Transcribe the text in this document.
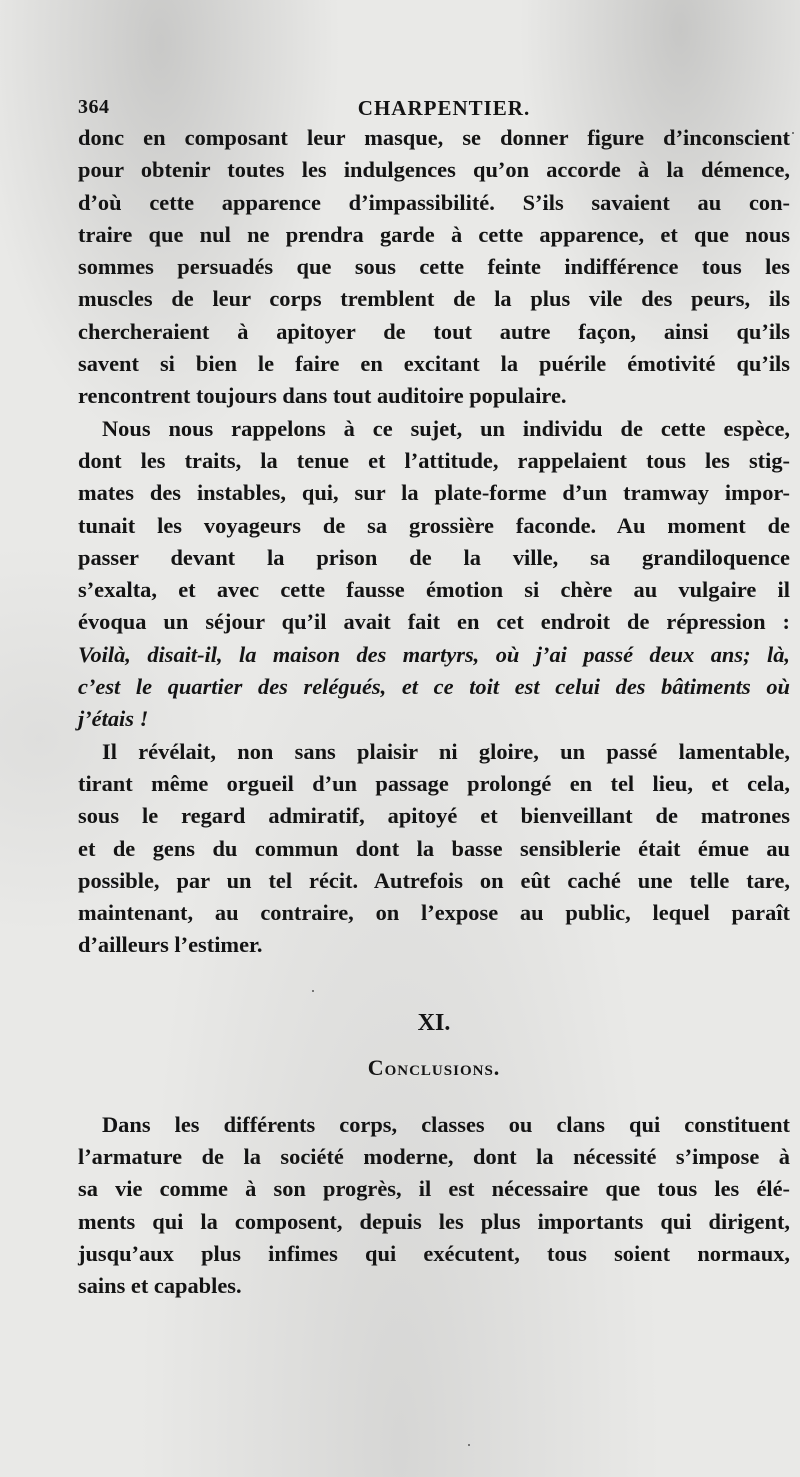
364	CHARPENTIER.
donc en composant leur masque, se donner figure d’inconscient
pour obtenir toutes les indulgences qu’on accorde à la démence,
d’où cette apparence d’impassibilité. S’ils savaient au con-
traire que nul ne prendra garde à cette apparence, et que nous
sommes persuadés que sous cette feinte indifférence tous les
muscles de leur corps tremblent de la plus vile des peurs, ils
chercheraient à apitoyer de tout autre façon, ainsi qu’ils
savent si bien le faire en excitant la puérile émotivité qu’ils
rencontrent toujours dans tout auditoire populaire.
Nous nous rappelons à ce sujet, un individu de cette espèce,
dont les traits, la tenue et l’attitude, rappelaient tous les stig-
mates des instables, qui, sur la plate-forme d’un tramway impor-
tunait les voyageurs de sa grossière faconde. Au moment de
passer devant la prison de la ville, sa grandiloquence
s’exalta, et avec cette fausse émotion si chère au vulgaire il
évoqua un séjour qu’il avait fait en cet endroit de répression :
Voilà, disait-il, la maison des martyrs, où j’ai passé deux ans; là,
c’est le quartier des relégués, et ce toit est celui des bâtiments où
j’étais !
Il révélait, non sans plaisir ni gloire, un passé lamentable,
tirant même orgueil d’un passage prolongé en tel lieu, et cela,
sous le regard admiratif, apitoyé et bienveillant de matrones
et de gens du commun dont la basse sensiblerie était émue au
possible, par un tel récit. Autrefois on eût caché une telle tare,
maintenant, au contraire, on l’expose au public, lequel paraît
d’ailleurs l’estimer.
XI.
Conclusions.
Dans les différents corps, classes ou clans qui constituent
l’armature de la société moderne, dont la nécessité s’impose à
sa vie comme à son progrès, il est nécessaire que tous les élé-
ments qui la composent, depuis les plus importants qui dirigent,
jusqu’aux plus infimes qui exécutent, tous soient normaux,
sains et capables.
